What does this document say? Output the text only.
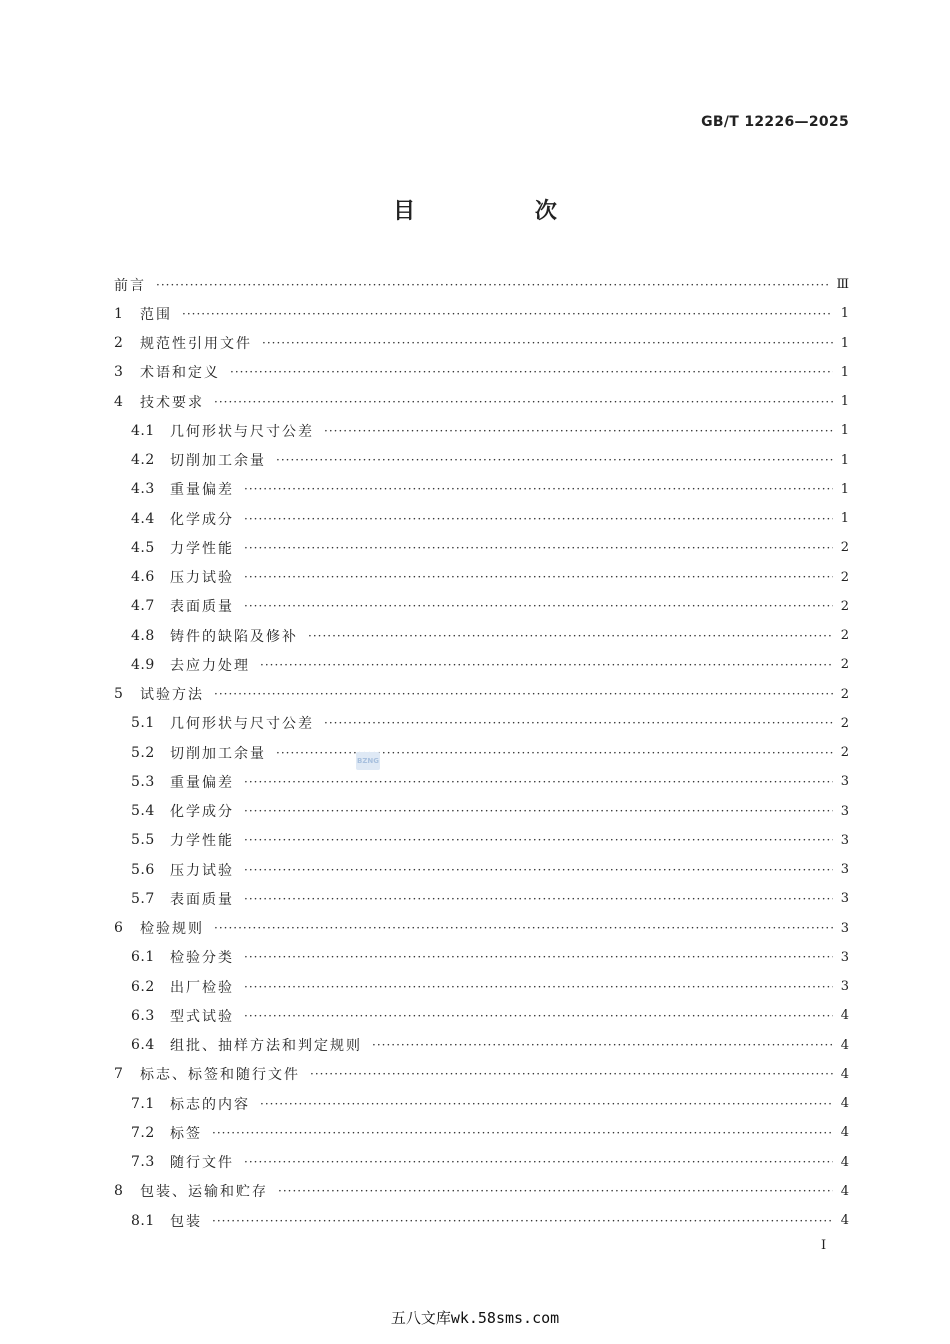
GB/T 12226—2025
目 次
前言 ·····	Ⅲ
1	范围 ·····	1
2	规范性引用文件 ·····	1
3	术语和定义 ·····	1
4	技术要求 ·····	1
4.1	几何形状与尺寸公差 ·····	1
4.2	切削加工余量 ·····	1
4.3	重量偏差 ·····	1
4.4	化学成分 ·····	1
4.5	力学性能 ·····	2
4.6	压力试验 ·····	2
4.7	表面质量 ·····	2
4.8	铸件的缺陷及修补 ·····	2
4.9	去应力处理 ·····	2
5	试验方法 ·····	2
5.1	几何形状与尺寸公差 ·····	2
5.2	切削加工余量 ·····	2
5.3	重量偏差 ·····	3
5.4	化学成分 ·····	3
5.5	力学性能 ·····	3
5.6	压力试验 ·····	3
5.7	表面质量 ·····	3
6	检验规则 ·····	3
6.1	检验分类 ·····	3
6.2	出厂检验 ·····	3
6.3	型式试验 ·····	4
6.4	组批、抽样方法和判定规则 ·····	4
7	标志、标签和随行文件 ·····	4
7.1	标志的内容 ·····	4
7.2	标签 ·····	4
7.3	随行文件 ·····	4
8	包装、运输和贮存 ·····	4
8.1	包装 ·····	4
BZNG
I
五八文库wk.58sms.com
